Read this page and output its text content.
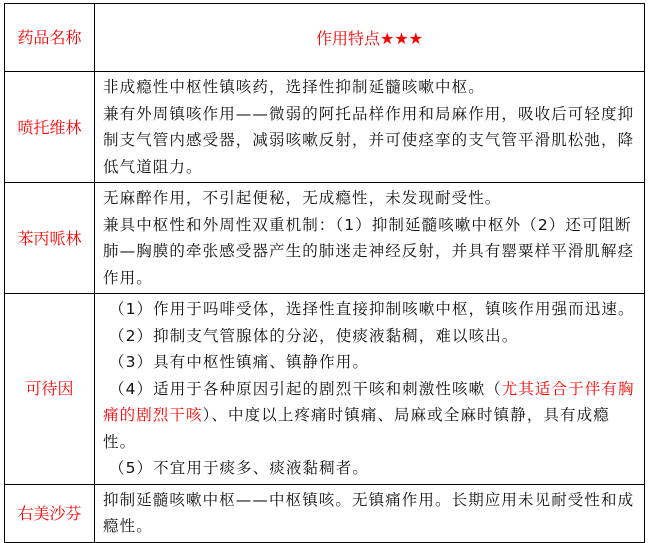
药品名称	作用特点★★★
喷托维林	非成瘾性中枢性镇咳药，选择性抑制延髓咳嗽中枢。

兼有外周镇咳作用——微弱的阿托品样作用和局麻作用，吸收后可轻度抑制支气管内感受器，减弱咳嗽反射，并可使痉挛的支气管平滑肌松弛，降低气道阻力。

苯丙哌林	无麻醉作用，不引起便秘，无成瘾性，未发现耐受性。

兼具中枢性和外周性双重机制：（1）抑制延髓咳嗽中枢外（2）还可阻断肺—胸膜的牵张感受器产生的肺迷走神经反射，并具有罂粟样平滑肌解痉作用。

可待因	（1）作用于吗啡受体，选择性直接抑制咳嗽中枢，镇咳作用强而迅速。

（2）抑制支气管腺体的分泌，使痰液黏稠，难以咳出。

（3）具有中枢性镇痛、镇静作用。

（4）适用于各种原因引起的剧烈干咳和刺激性咳嗽（尤其适合于伴有胸痛的剧烈干咳）、中度以上疼痛时镇痛、局麻或全麻时镇静，具有成瘾性。

（5）不宜用于痰多、痰液黏稠者。

右美沙芬	抑制延髓咳嗽中枢——中枢镇咳。无镇痛作用。长期应用未见耐受性和成瘾性。
